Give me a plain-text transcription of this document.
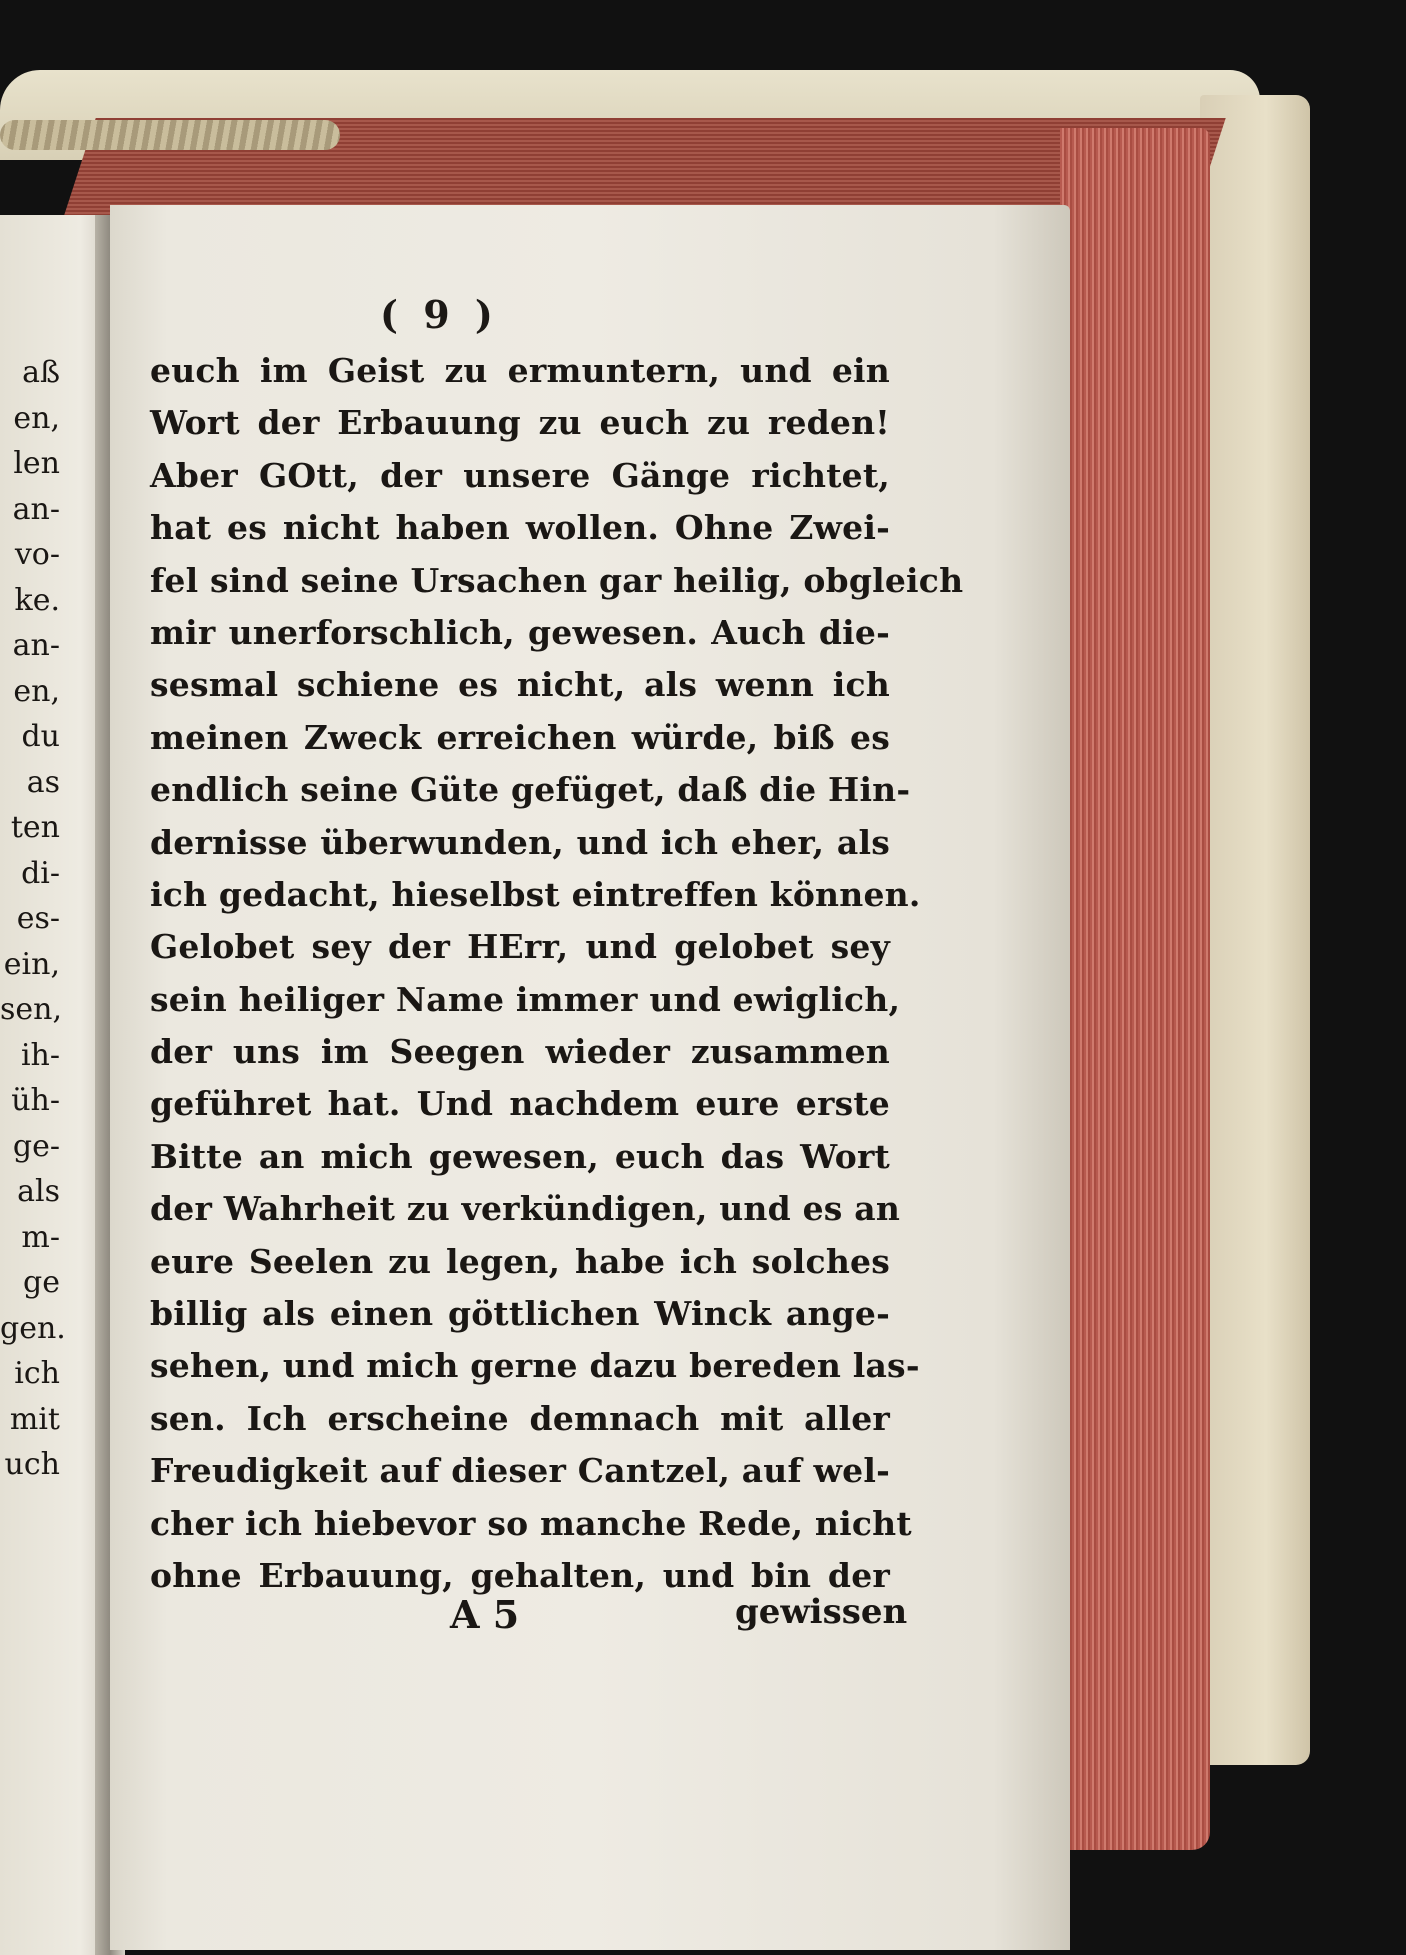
aß
en,
len
an-
vo-
ke.
an-
en,
du
as
ten
di-
es-
ein,
sen,
ih-
üh-
ge-
als
m-
ge
gen.
ich
mit
uch
( 9 )
euch im Geist zu ermuntern, und ein
Wort der Erbauung zu euch zu reden!
Aber GOtt, der unsere Gänge richtet,
hat es nicht haben wollen. Ohne Zwei-
fel sind seine Ursachen gar heilig, obgleich
mir unerforschlich, gewesen. Auch die-
sesmal schiene es nicht, als wenn ich
meinen Zweck erreichen würde, biß es
endlich seine Güte gefüget, daß die Hin-
dernisse überwunden, und ich eher, als
ich gedacht, hieselbst eintreffen können.
Gelobet sey der HErr, und gelobet sey
sein heiliger Name immer und ewiglich,
der uns im Seegen wieder zusammen
geführet hat. Und nachdem eure erste
Bitte an mich gewesen, euch das Wort
der Wahrheit zu verkündigen, und es an
eure Seelen zu legen, habe ich solches
billig als einen göttlichen Winck ange-
sehen, und mich gerne dazu bereden las-
sen. Ich erscheine demnach mit aller
Freudigkeit auf dieser Cantzel, auf wel-
cher ich hiebevor so manche Rede, nicht
ohne Erbauung, gehalten, und bin der
A 5	gewissen
